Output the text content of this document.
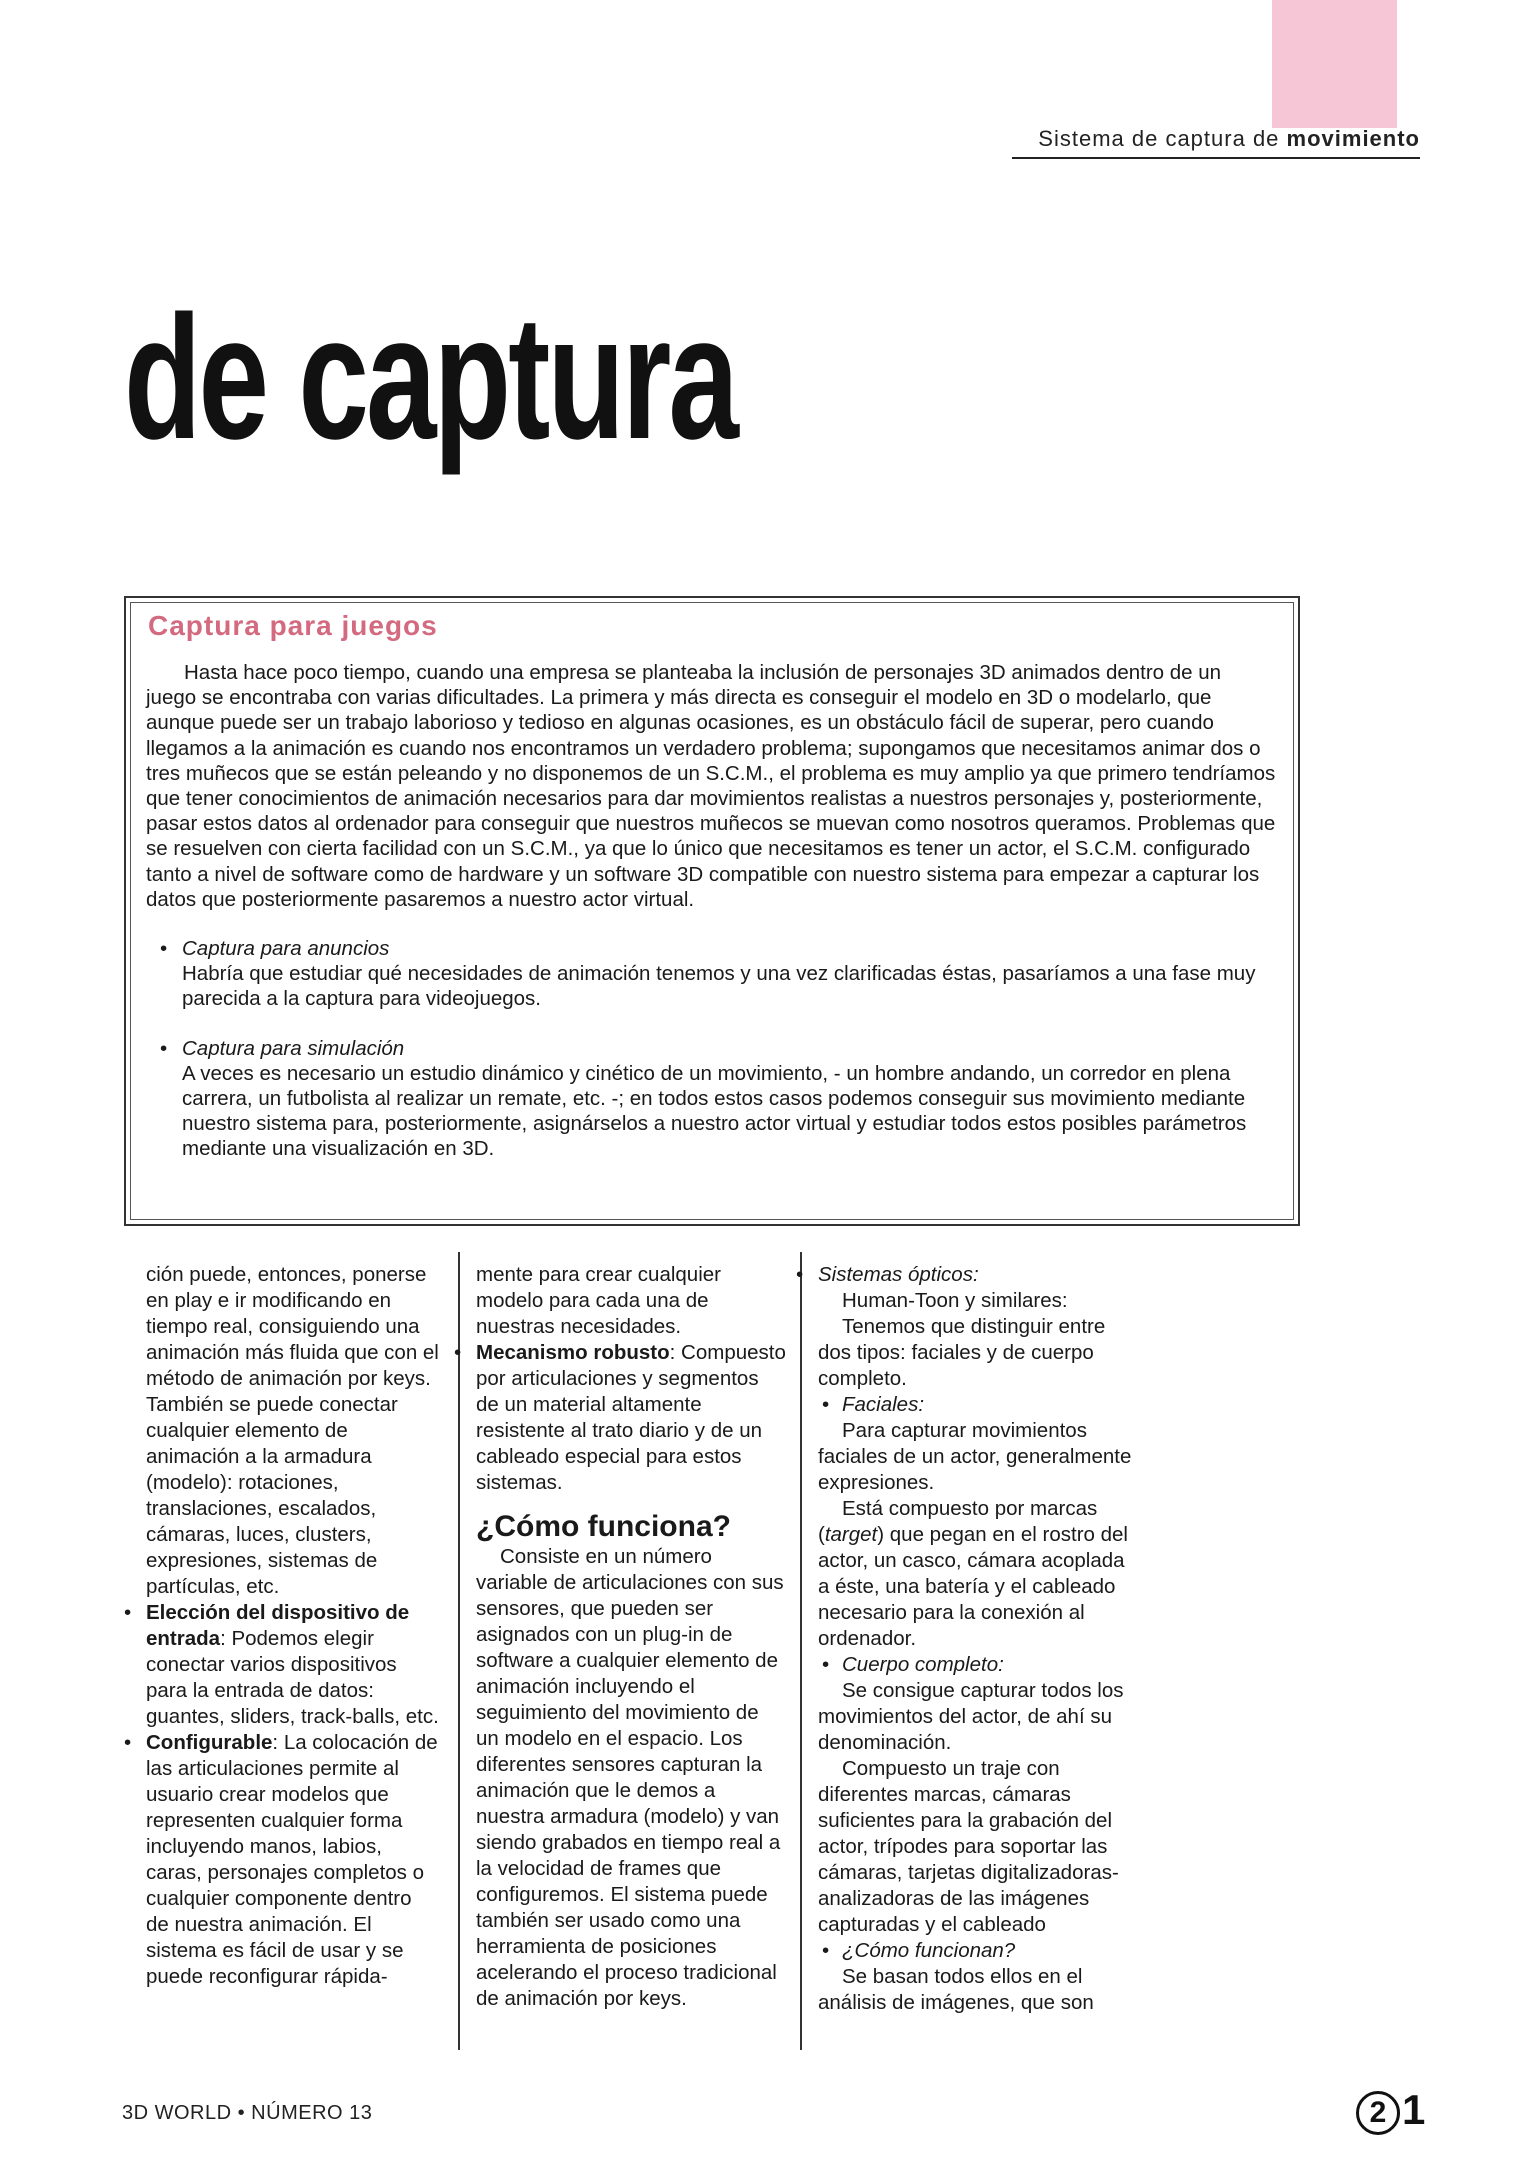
Sistema de captura de movimiento
de captura
Captura para juegos

Hasta hace poco tiempo, cuando una empresa se planteaba la inclusión de personajes 3D animados dentro de un juego se encontraba con varias dificultades. La primera y más directa es conseguir el modelo en 3D o modelarlo, que aunque puede ser un trabajo laborioso y tedioso en algunas ocasiones, es un obstáculo fácil de superar, pero cuando llegamos a la animación es cuando nos encontramos un verdadero problema; supongamos que necesitamos animar dos o tres muñecos que se están peleando y no disponemos de un S.C.M., el problema es muy amplio ya que primero tendríamos que tener conocimientos de animación necesarios para dar movimientos realistas a nuestros personajes y, posteriormente, pasar estos datos al ordenador para conseguir que nuestros muñecos se muevan como nosotros queramos. Problemas que se resuelven con cierta facilidad con un S.C.M., ya que lo único que necesitamos es tener un actor, el S.C.M. configurado tanto a nivel de software como de hardware y un software 3D compatible con nuestro sistema para empezar a capturar los datos que posteriormente pasaremos a nuestro actor virtual.

• Captura para anuncios
Habría que estudiar qué necesidades de animación tenemos y una vez clarificadas éstas, pasaríamos a una fase muy parecida a la captura para videojuegos.
• Captura para simulación
A veces es necesario un estudio dinámico y cinético de un movimiento, - un hombre andando, un corredor en plena carrera, un futbolista al realizar un remate, etc. -; en todos estos casos podemos conseguir sus movimiento mediante nuestro sistema para, posteriormente, asignárselos a nuestro actor virtual y estudiar todos estos posibles parámetros mediante una visualización en 3D.

ción puede, entonces, ponerse en play e ir modificando en tiempo real, consiguiendo una animación más fluida que con el método de animación por keys.

También se puede conectar cualquier elemento de animación a la armadura (modelo): rotaciones, translaciones, escalados, cámaras, luces, clusters, expresiones, sistemas de partículas, etc.

• Elección del dispositivo de entrada: Podemos elegir conectar varios dispositivos para la entrada de datos: guantes, sliders, track-balls, etc.

• Configurable: La colocación de las articulaciones permite al usuario crear modelos que representen cualquier forma incluyendo manos, labios, caras, personajes completos o cualquier componente dentro de nuestra animación. El sistema es fácil de usar y se puede reconfigurar rápida-

mente para crear cualquier modelo para cada una de nuestras necesidades.

• Mecanismo robusto: Compuesto por articulaciones y segmentos de un material altamente resistente al trato diario y de un cableado especial para estos sistemas.

¿Cómo funciona?

Consiste en un número variable de articulaciones con sus sensores, que pueden ser asignados con un plug-in de software a cualquier elemento de animación incluyendo el seguimiento del movimiento de un modelo en el espacio. Los diferentes sensores capturan la animación que le demos a nuestra armadura (modelo) y van siendo grabados en tiempo real a la velocidad de frames que configuremos. El sistema puede también ser usado como una herramienta de posiciones acelerando el proceso tradicional de animación por keys.

• Sistemas ópticos:

Human-Toon y similares:

Tenemos que distinguir entre dos tipos: faciales y de cuerpo completo.

• Faciales:

Para capturar movimientos faciales de un actor, generalmente expresiones.

Está compuesto por marcas (target) que pegan en el rostro del actor, un casco, cámara acoplada a éste, una batería y el cableado necesario para la conexión al ordenador.

• Cuerpo completo:

Se consigue capturar todos los movimientos del actor, de ahí su denominación.

Compuesto un traje con diferentes marcas, cámaras suficientes para la grabación del actor, trípodes para soportar las cámaras, tarjetas digitalizadoras-analizadoras de las imágenes capturadas y el cableado

• ¿Cómo funcionan?

Se basan todos ellos en el análisis de imágenes, que son

3D WORLD • NÚMERO 13	2 1
